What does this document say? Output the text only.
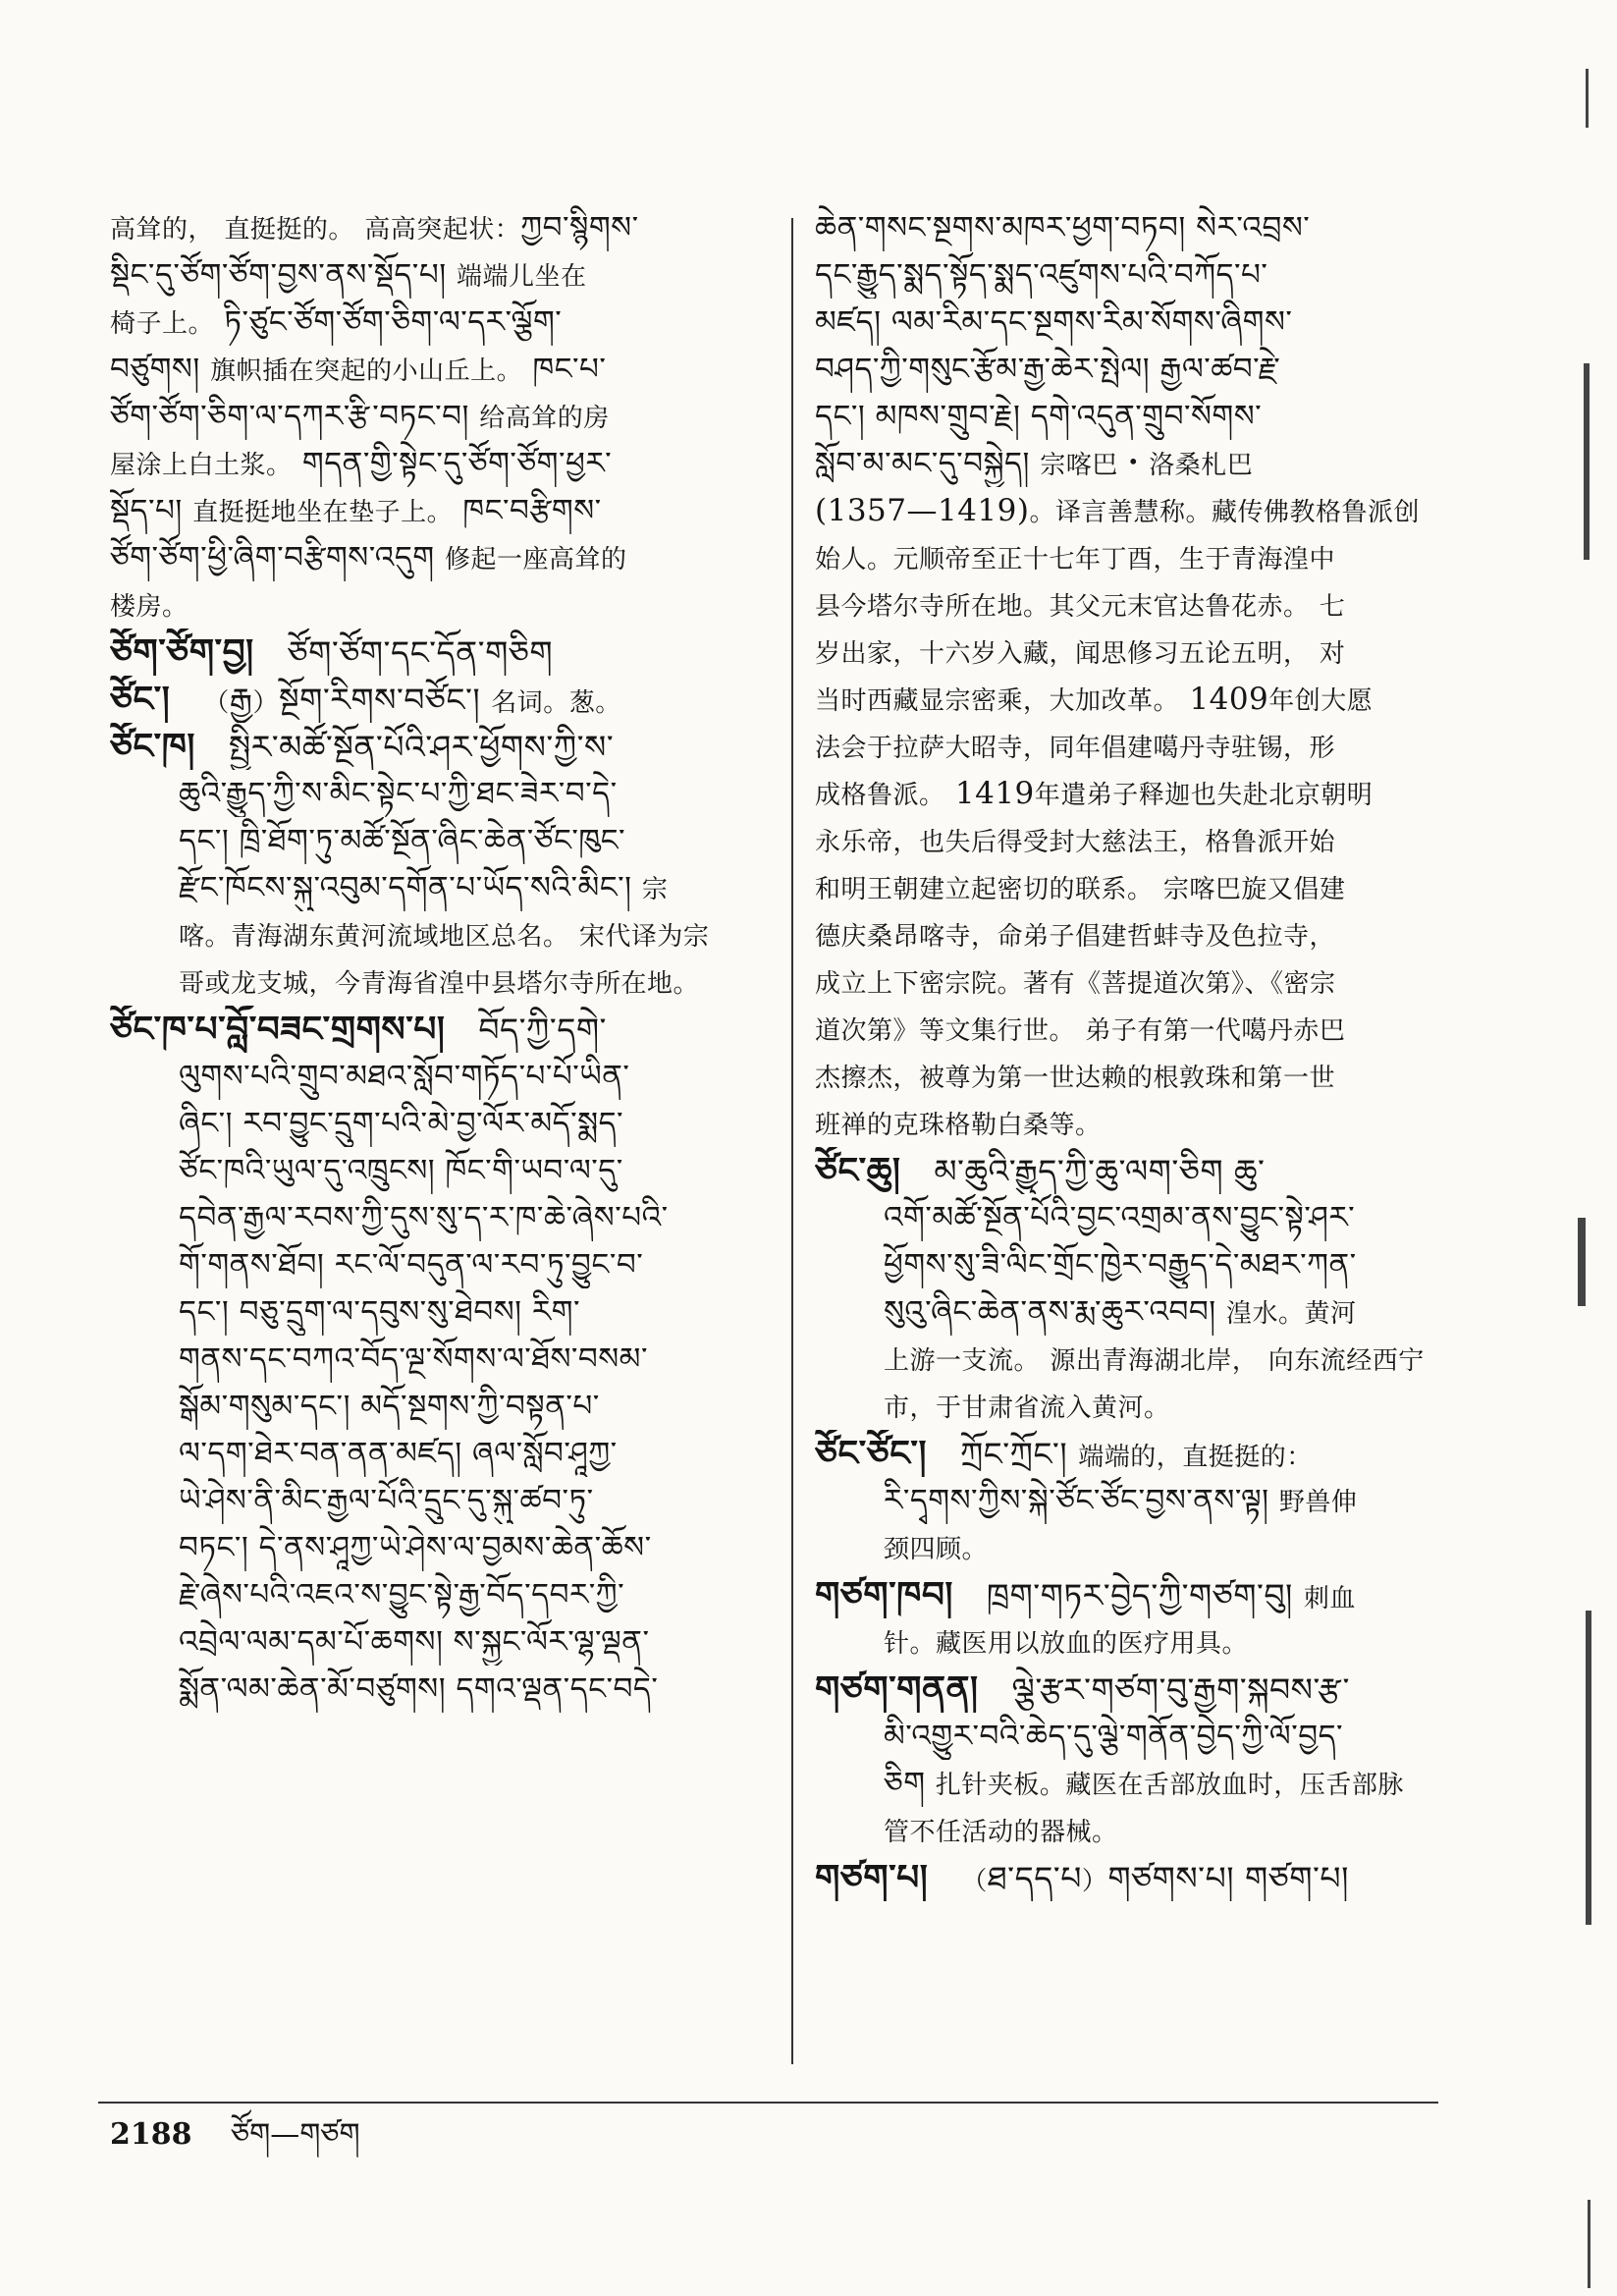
高耸的， 直挺挺的。 高高突起状：ཀྱབ་སྙིགས་
སྡིང་དུ་ཙོག་ཙོག་བྱས་ནས་སྡོད་པ། 端端儿坐在
椅子上。 ཏི་ཙུང་ཙོག་ཙོག་ཅིག་ལ་དར་ལྕོག་
བཙུགས། 旗帜插在突起的小山丘上。 ཁང་པ་
ཙོག་ཙོག་ཅིག་ལ་དཀར་རྩི་བཏང་བ། 给高耸的房
屋涂上白土浆。 གདན་གྱི་སྟེང་དུ་ཙོག་ཙོག་ཕྱར་
སྡོད་པ། 直挺挺地坐在垫子上。 ཁང་བརྩིགས་
ཙོག་ཙོག་ཕྱི་ཞིག་བརྩིགས་འདུག 修起一座高耸的
楼房。
ཙོག་ཙོག་བྱ། ཙོག་ཙོག་དང་དོན་གཅིག
ཙོང་། （རྒྱ）སྔོག་རིགས་བཙོང་། 名词。葱。
ཙོང་ཁ། སྤྱིར་མཚོ་སྔོན་པོའི་ཤར་ཕྱོགས་ཀྱི་ས་
ཆུའི་རྒྱུད་ཀྱི་ས་མིང་སྟེང་པ་ཀྱི་ཐང་ཟེར་བ་དེ་
དང་། ཁྲི་ཐོག་ཏུ་མཚོ་སྔོན་ཞིང་ཆེན་ཙོང་ཁུང་
རྫོང་ཁོངས་སྐུ་འབུམ་དགོན་པ་ཡོད་སའི་མིང་། 宗
喀。青海湖东黄河流域地区总名。 宋代译为宗
哥或龙支城，今青海省湟中县塔尔寺所在地。
ཙོང་ཁ་པ་བློ་བཟང་གྲགས་པ། བོད་ཀྱི་དགེ་
ལུགས་པའི་གྲུབ་མཐའ་སློབ་གཏོད་པ་པོ་ཡིན་
ཞིང་། རབ་བྱུང་དྲུག་པའི་མེ་བྱ་ལོར་མདོ་སྨད་
ཙོང་ཁའི་ཡུལ་དུ་འཁྲུངས། ཁོང་གི་ཡབ་ལ་དུ་
དབེན་རྒྱལ་རབས་ཀྱི་དུས་སུ་ད་ར་ཁ་ཆེ་ཞེས་པའི་
གོ་གནས་ཐོབ། རང་ལོ་བདུན་ལ་རབ་ཏུ་བྱུང་བ་
དང་། བཅུ་དྲུག་ལ་དབུས་སུ་ཐེབས། རིག་
གནས་དང་བཀའ་བོད་ལྔ་སོགས་ལ་ཐོས་བསམ་
སྒོམ་གསུམ་དང་། མདོ་སྔགས་ཀྱི་བསྟན་པ་
ལ་དག་ཐེར་བན་ནན་མཛད། ཞལ་སློབ་ཤཱཀྱ་
ཡེ་ཤེས་ནི་མིང་རྒྱལ་པོའི་དྲུང་དུ་སྐུ་ཚབ་ཏུ་
བཏང་། དེ་ནས་ཤཱཀྱ་ཡེ་ཤེས་ལ་བྱམས་ཆེན་ཆོས་
རྗེ་ཞེས་པའི་འཇའ་ས་བྱུང་སྟེ་རྒྱ་བོད་དབར་ཀྱི་
འབྲེལ་ལམ་དམ་པོ་ཆགས། ས་སྐྱང་ལོར་ལྷ་ལྡན་
སྨོན་ལམ་ཆེན་མོ་བཙུགས། དགའ་ལྡན་དང་བདེ་
ཆེན་གསང་སྔགས་མཁར་ཕྱག་བཏབ། སེར་འབྲས་
དང་རྒྱུད་སྨད་སྟོད་སྨད་འཛུགས་པའི་བཀོད་པ་
མཛད། ལམ་རིམ་དང་སྔགས་རིམ་སོགས་ཞིགས་
བཤད་ཀྱི་གསུང་རྩོམ་རྒྱ་ཆེར་སྤེལ། རྒྱལ་ཚབ་རྗེ་
དང་། མཁས་གྲུབ་རྗེ། དགེ་འདུན་གྲུབ་སོགས་
སློབ་མ་མང་དུ་བསྐྱེད། 宗喀巴・洛桑札巴
(1357—1419)。译言善慧称。藏传佛教格鲁派创
始人。元顺帝至正十七年丁酉，生于青海湟中
县今塔尔寺所在地。其父元末官达鲁花赤。 七
岁出家，十六岁入藏，闻思修习五论五明， 对
当时西藏显宗密乘，大加改革。 1409年创大愿
法会于拉萨大昭寺，同年倡建噶丹寺驻锡，形
成格鲁派。 1419年遣弟子释迦也失赴北京朝明
永乐帝，也失后得受封大慈法王，格鲁派开始
和明王朝建立起密切的联系。 宗喀巴旋又倡建
德庆桑昂喀寺，命弟子倡建哲蚌寺及色拉寺，
成立上下密宗院。著有《菩提道次第》、《密宗
道次第》等文集行世。 弟子有第一代噶丹赤巴
杰擦杰，被尊为第一世达赖的根敦珠和第一世
班禅的克珠格勒白桑等。
ཙོང་ཆུ། མ་ཆུའི་རྒྱུད་ཀྱི་ཆུ་ལག་ཅིག ཆུ་
འགོ་མཚོ་སྔོན་པོའི་བྱང་འགྲམ་ནས་བྱུང་སྟེ་ཤར་
ཕྱོགས་སུ་ཟི་ལིང་གྲོང་ཁྱེར་བརྒྱུད་དེ་མཐར་ཀན་
སུའུ་ཞིང་ཆེན་ནས་རྨ་ཆུར་འབབ། 湟水。黄河
上游一支流。 源出青海湖北岸， 向东流经西宁
市，于甘肃省流入黄河。
ཙོང་ཙོང་། ཀྲོང་ཀྲོང་། 端端的，直挺挺的：
རི་དྭགས་ཀྱིས་སྐེ་ཙོང་ཙོང་བྱས་ནས་ལྟ། 野兽伸
颈四顾。
གཙག་ཁབ། ཁྲག་གཏར་བྱེད་ཀྱི་གཙག་བུ། 刺血
针。藏医用以放血的医疗用具。
གཙག་གནན། ལྕེ་རྩར་གཙག་བུ་རྒྱག་སྐབས་རྩ་
མི་འགྱུར་བའི་ཆེད་དུ་ལྕེ་གནོན་བྱེད་ཀྱི་ལོ་བྱད་
ཅིག 扎针夹板。藏医在舌部放血时，压舌部脉
管不任活动的器械。
གཙག་པ། （ཐ་དད་པ）གཙགས་པ། གཙག་པ།
2188 ཙོག—གཙག
